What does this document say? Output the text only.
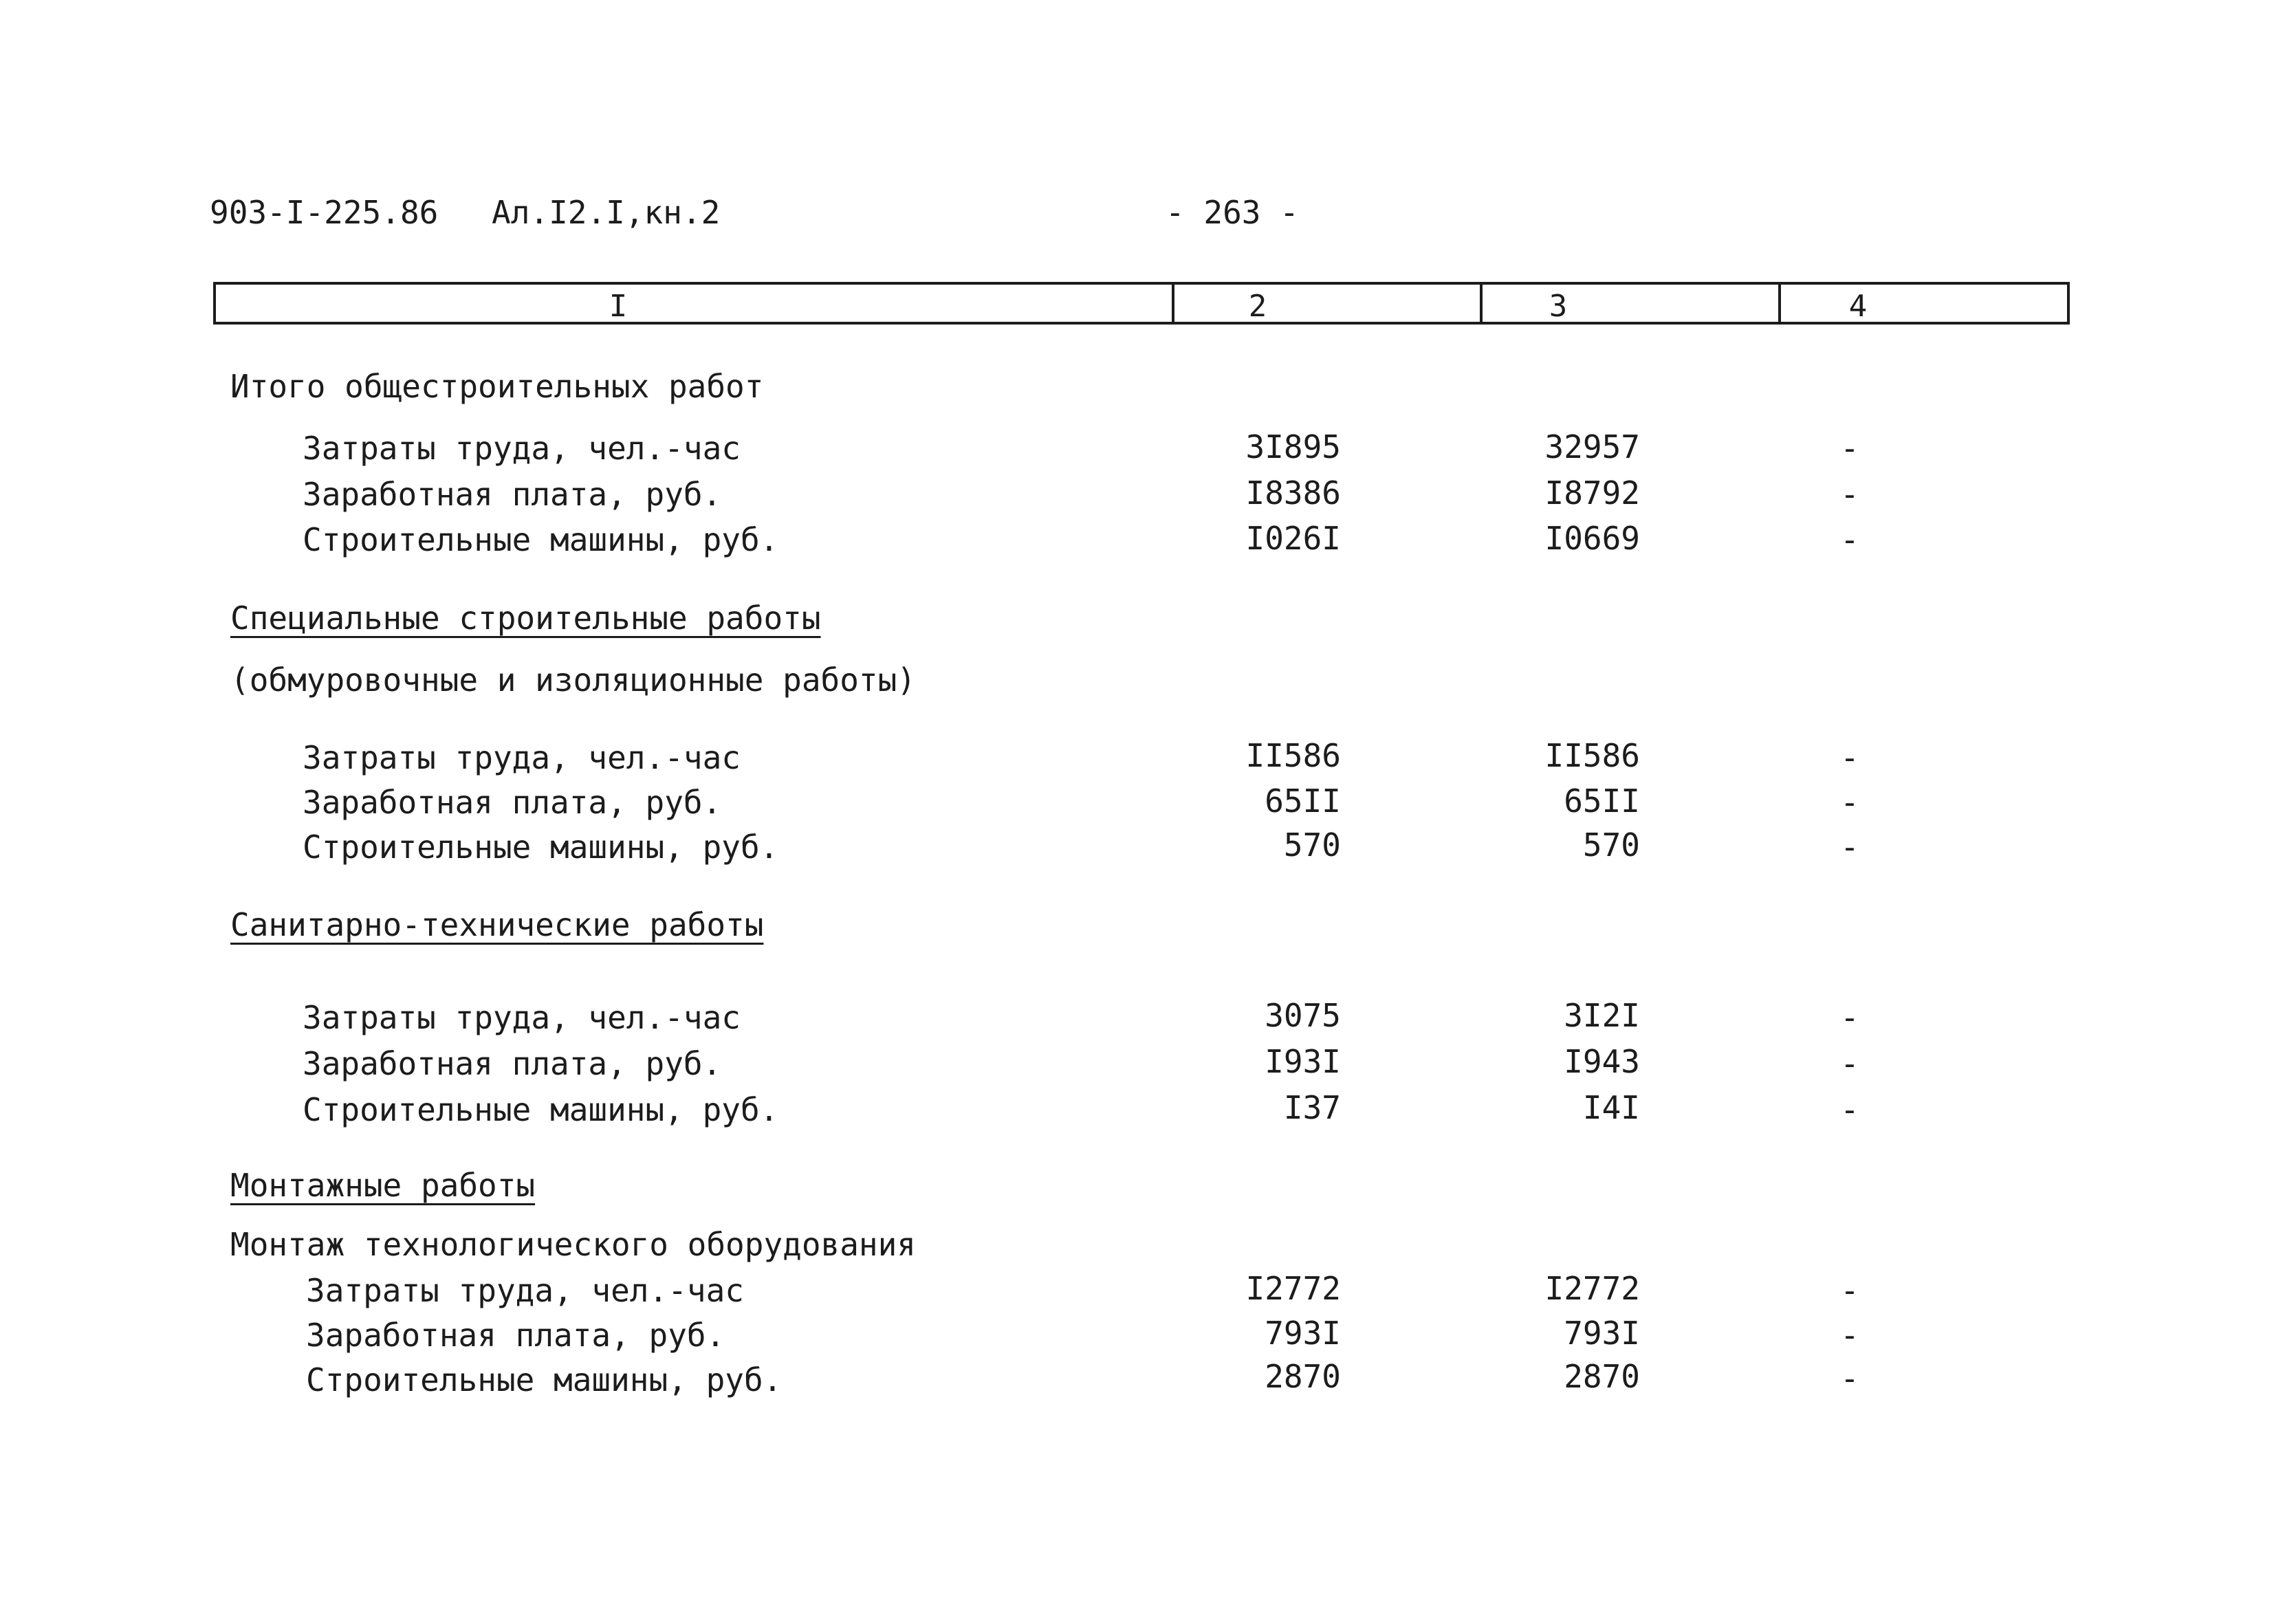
903-I-225.86 Ал.I2.I,кн.2	- 263 -
I	2	3	4
Итого общестроительных работ
Затраты труда, чел.-час	3I895	32957	-
Заработная плата, руб.	I8386	I8792	-
Строительные машины, руб.	I026I	I0669	-
Специальные строительные работы
(обмуровочные и изоляционные работы)
Затраты труда, чел.-час	II586	II586	-
Заработная плата, руб.	65II	65II	-
Строительные машины, руб.	570	570	-
Санитарно-технические работы
Затраты труда, чел.-час	3075	3I2I	-
Заработная плата, руб.	I93I	I943	-
Строительные машины, руб.	I37	I4I	-
Монтажные работы
Монтаж технологического оборудования
Затраты труда, чел.-час	I2772	I2772	-
Заработная плата, руб.	793I	793I	-
Строительные машины, руб.	2870	2870	-
